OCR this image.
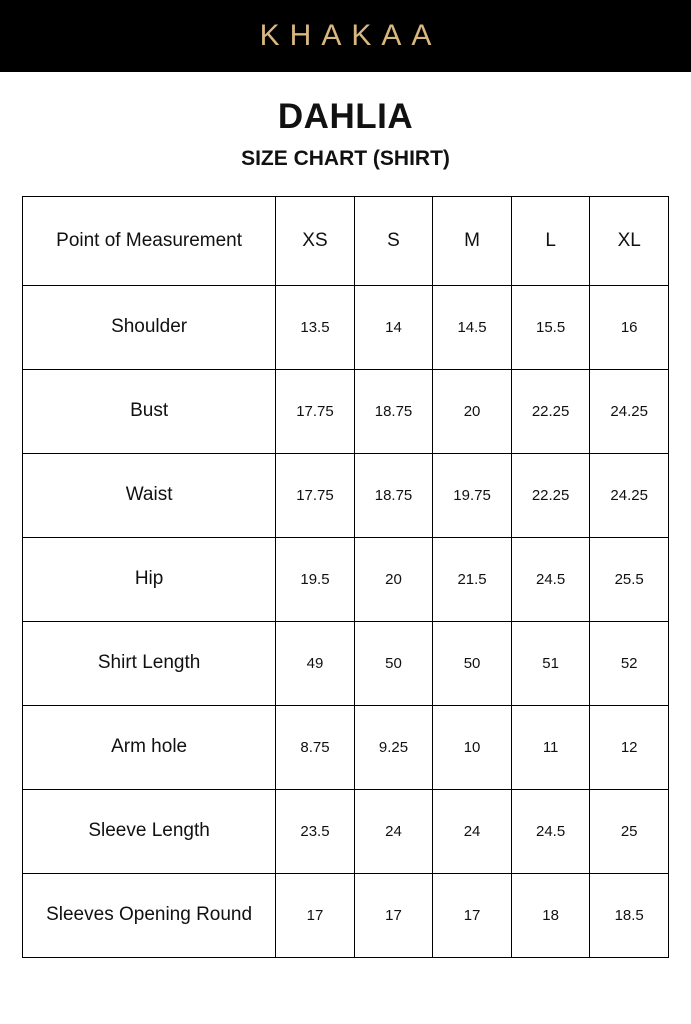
KHAKAA
DAHLIA
SIZE CHART (SHIRT)
Point of Measurement	XS	S	M	L	XL
Shoulder	13.5	14	14.5	15.5	16
Bust	17.75	18.75	20	22.25	24.25
Waist	17.75	18.75	19.75	22.25	24.25
Hip	19.5	20	21.5	24.5	25.5
Shirt Length	49	50	50	51	52
Arm hole	8.75	9.25	10	11	12
Sleeve Length	23.5	24	24	24.5	25
Sleeves Opening Round	17	17	17	18	18.5
